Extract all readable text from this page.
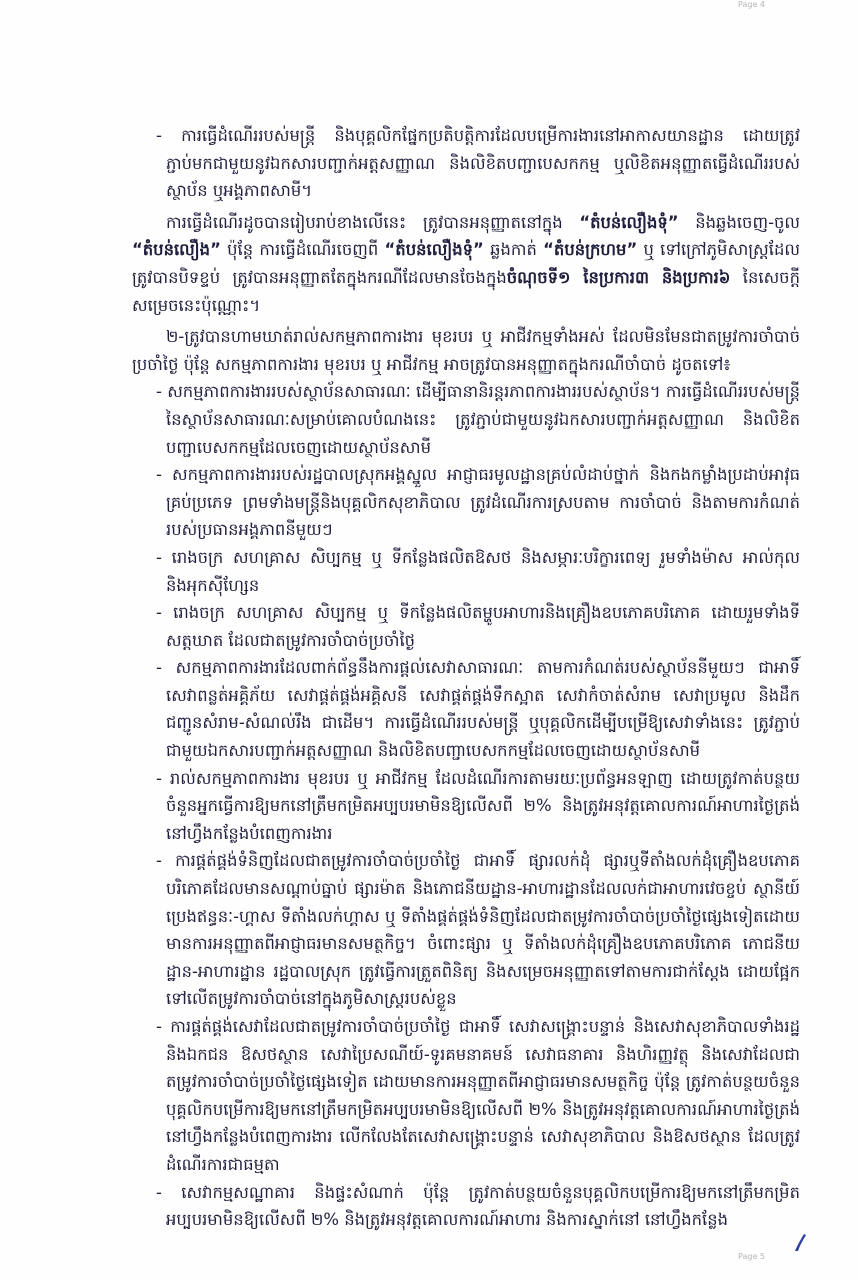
Page 4
- ការធ្វើដំណើររបស់មន្ត្រី និងបុគ្គលិកផ្នែកប្រតិបត្តិការដែលបម្រើការងារនៅអាកាសយានដ្ឋាន ដោយត្រូវភ្ជាប់មកជាមួយនូវឯកសារបញ្ជាក់អត្តសញ្ញាណ និងលិខិតបញ្ជាបេសកកម្ម ឬលិខិតអនុញ្ញាតធ្វើដំណើររបស់ស្ថាប័ន ឬអង្គភាពសាមី។
ការធ្វើដំណើរដូចបានរៀបរាប់ខាងលើនេះ ត្រូវបានអនុញ្ញាតនៅក្នុង “តំបន់លឿងទុំ” និងឆ្លងចេញ-ចូល “តំបន់លឿង” ប៉ុន្តែ ការធ្វើដំណើរចេញពី “តំបន់លឿងទុំ” ឆ្លងកាត់ “តំបន់ក្រហម” ឬ ទៅក្រៅភូមិសាស្ត្រដែលត្រូវបានបិទខ្ទប់ ត្រូវបានអនុញ្ញាតតែក្នុងករណីដែលមានចែងក្នុងចំណុចទី១ នៃប្រការ៣ និងប្រការ៦ នៃសេចក្តីសម្រេចនេះប៉ុណ្ណោះ។
២-ត្រូវបានហាមឃាត់រាល់សកម្មភាពការងារ មុខរបរ ឬ អាជីវកម្មទាំងអស់ ដែលមិនមែនជាតម្រូវការចាំបាច់ប្រចាំថ្ងៃ ប៉ុន្តែ សកម្មភាពការងារ មុខរបរ ឬ អាជីវកម្ម អាចត្រូវបានអនុញ្ញាតក្នុងករណីចាំបាច់ ដូចតទៅ៖
- សកម្មភាពការងាររបស់ស្ថាប័នសាធារណៈ ដើម្បីធានានិរន្តរភាពការងាររបស់ស្ថាប័ន។ ការធ្វើដំណើររបស់មន្ត្រីនៃស្ថាប័នសាធារណៈសម្រាប់គោលបំណងនេះ ត្រូវភ្ជាប់ជាមួយនូវឯកសារបញ្ជាក់អត្តសញ្ញាណ និងលិខិតបញ្ជាបេសកកម្មដែលចេញដោយស្ថាប័នសាមី
- សកម្មភាពការងាររបស់រដ្ឋបាលស្រុកអង្គស្នួល អាជ្ញាធរមូលដ្ឋានគ្រប់លំដាប់ថ្នាក់ និងកងកម្លាំងប្រដាប់អាវុធគ្រប់ប្រភេទ ព្រមទាំងមន្ត្រីនិងបុគ្គលិកសុខាភិបាល ត្រូវដំណើរការស្របតាម ការចាំបាច់ និងតាមការកំណត់របស់ប្រធានអង្គភាពនីមួយៗ
- រោងចក្រ សហគ្រាស សិប្បកម្ម ឬ ទីកន្លែងផលិតឱសថ និងសម្ភារៈបរិក្ខារពេទ្យ រួមទាំងម៉ាស អាល់កុល និងអុកស៊ីហ្សែន
- រោងចក្រ សហគ្រាស សិប្បកម្ម ឬ ទីកន្លែងផលិតម្ហូបអាហារនិងគ្រឿងឧបភោគបរិភោគ ដោយរួមទាំងទីសត្តឃាត ដែលជាតម្រូវការចាំបាច់ប្រចាំថ្ងៃ
- សកម្មភាពការងារដែលពាក់ព័ន្ធនឹងការផ្តល់សេវាសាធារណៈ តាមការកំណត់របស់ស្ថាប័ននីមួយៗ ជាអាទិ៍ សេវាពន្លត់អគ្គិភ័យ សេវាផ្គត់ផ្គង់អគ្គិសនី សេវាផ្គត់ផ្គង់ទឹកស្អាត សេវាកំចាត់សំរាម សេវាប្រមូល និងដឹកជញ្ជូនសំរាម-សំណល់រឹង ជាដើម។ ការធ្វើដំណើររបស់មន្ត្រី ឬបុគ្គលិកដើម្បីបម្រើឱ្យសេវាទាំងនេះ ត្រូវភ្ជាប់ជាមួយឯកសារបញ្ជាក់អត្តសញ្ញាណ និងលិខិតបញ្ជាបេសកកម្មដែលចេញដោយស្ថាប័នសាមី
- រាល់សកម្មភាពការងារ មុខរបរ ឬ អាជីវកម្ម ដែលដំណើរការតាមរយៈប្រព័ន្ធអនឡាញ ដោយត្រូវកាត់បន្ថយចំនួនអ្នកធ្វើការឱ្យមកនៅត្រឹមកម្រិតអប្បបរមាមិនឱ្យលើសពី ២% និងត្រូវអនុវត្តគោលការណ៍អាហារថ្ងៃត្រង់នៅហ្វឹងកន្លែងបំពេញការងារ
- ការផ្គត់ផ្គង់ទំនិញដែលជាតម្រូវការចាំបាច់ប្រចាំថ្ងៃ ជាអាទិ៍ ផ្សារលក់ដុំ ផ្សារឬទីតាំងលក់ដុំគ្រឿងឧបភោគបរិភោគដែលមានសណ្តាប់ធ្នាប់ ផ្សារម៉ាត និងភោជនីយដ្ឋាន-អាហារដ្ឋានដែលលក់ជាអាហារវេចខ្ចប់ ស្ថានីយ៍ប្រេងឥន្ធនៈ-ហ្គាស ទីតាំងលក់ហ្គាស ឬ ទីតាំងផ្គត់ផ្គង់ទំនិញដែលជាតម្រូវការចាំបាច់ប្រចាំថ្ងៃផ្សេងទៀតដោយមានការអនុញ្ញាតពីអាជ្ញាធរមានសមត្ថកិច្ច។ ចំពោះផ្សារ ឬ ទីតាំងលក់ដុំគ្រឿងឧបភោគបរិភោគ ភោជនីយដ្ឋាន-អាហារដ្ឋាន រដ្ឋបាលស្រុក ត្រូវធ្វើការត្រួតពិនិត្យ និងសម្រេចអនុញ្ញាតទៅតាមការជាក់ស្តែង ដោយផ្អែកទៅលើតម្រូវការចាំបាច់នៅក្នុងភូមិសាស្ត្ររបស់ខ្លួន
- ការផ្គត់ផ្គង់សេវាដែលជាតម្រូវការចាំបាច់ប្រចាំថ្ងៃ ជាអាទិ៍ សេវាសង្គ្រោះបន្ទាន់ និងសេវាសុខាភិបាលទាំងរដ្ឋ និងឯកជន ឱសថស្ថាន សេវាប្រៃសណីយ៍-ទូរគមនាគមន៍ សេវាធនាគារ និងហិរញ្ញវត្ថុ និងសេវាដែលជាតម្រូវការចាំបាច់ប្រចាំថ្ងៃផ្សេងទៀត ដោយមានការអនុញ្ញាតពីអាជ្ញាធរមានសមត្ថកិច្ច ប៉ុន្តែ ត្រូវកាត់បន្ថយចំនួនបុគ្គលិកបម្រើការឱ្យមកនៅត្រឹមកម្រិតអប្បបរមាមិនឱ្យលើសពី ២% និងត្រូវអនុវត្តគោលការណ៍អាហារថ្ងៃត្រង់នៅហ្វឹងកន្លែងបំពេញការងារ លើកលែងតែសេវាសង្គ្រោះបន្ទាន់ សេវាសុខាភិបាល និងឱសថស្ថាន ដែលត្រូវដំណើរការជាធម្មតា
- សេវាកម្មសណ្ឋាគារ និងផ្ទះសំណាក់ ប៉ុន្តែ ត្រូវកាត់បន្ថយចំនួនបុគ្គលិកបម្រើការឱ្យមកនៅត្រឹមកម្រិតអប្បបរមាមិនឱ្យលើសពី ២% និងត្រូវអនុវត្តគោលការណ៍អាហារ និងការស្នាក់នៅ នៅហ្វឹងកន្លែង
Page 5
